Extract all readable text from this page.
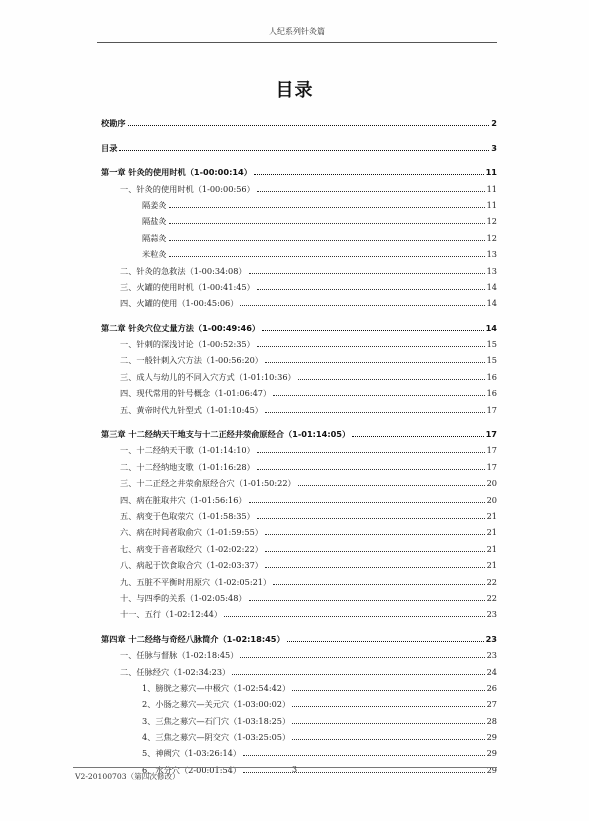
人纪系列针灸篇
目录
校勘序	2
目录	3
第一章 针灸的使用时机（1-00:00:14）	11
一、针灸的使用时机（1-00:00:56）	11
隔姜灸	11
隔盐灸	12
隔蒜灸	12
米粒灸	13
二、针灸的急救法（1-00:34:08）	13
三、火罐的使用时机（1-00:41:45）	14
四、火罐的使用（1-00:45:06）	14
第二章 针灸穴位丈量方法（1-00:49:46）	14
一、针刺的深浅讨论（1-00:52:35）	15
二、一般针刺入穴方法（1-00:56:20）	15
三、成人与幼儿的不同入穴方式（1-01:10:36）	16
四、现代常用的针号概念（1-01:06:47）	16
五、黄帝时代九针型式（1-01:10:45）	17
第三章 十二经纳天干地支与十二正经井荥俞原经合（1-01:14:05）	17
一、十二经纳天干歌（1-01:14:10）	17
二、十二经纳地支歌（1-01:16:28）	17
三、十二正经之井荥俞原经合穴（1-01:50:22）	20
四、病在脏取井穴（1-01:56:16）	20
五、病变于色取荥穴（1-01:58:35）	21
六、病在时间者取俞穴（1-01:59:55）	21
七、病变于音者取经穴（1-02:02:22）	21
八、病起于饮食取合穴（1-02:03:37）	21
九、五脏不平衡时用原穴（1-02:05:21）	22
十、与四季的关系（1-02:05:48）	22
十一、五行（1-02:12:44）	23
第四章 十二经络与奇经八脉简介（1-02:18:45）	23
一、任脉与督脉（1-02:18:45）	23
二、任脉经穴（1-02:34:23）	24
1、膀胱之募穴—中极穴（1-02:54:42）	26
2、小肠之募穴—关元穴（1-03:00:02）	27
3、三焦之募穴—石门穴（1-03:18:25）	28
4、三焦之募穴—阴交穴（1-03:25:05）	29
5、神阙穴（1-03:26:14）	29
6、水分穴（2-00:01:54）	29
V2-20100703（第四次修改）
3
